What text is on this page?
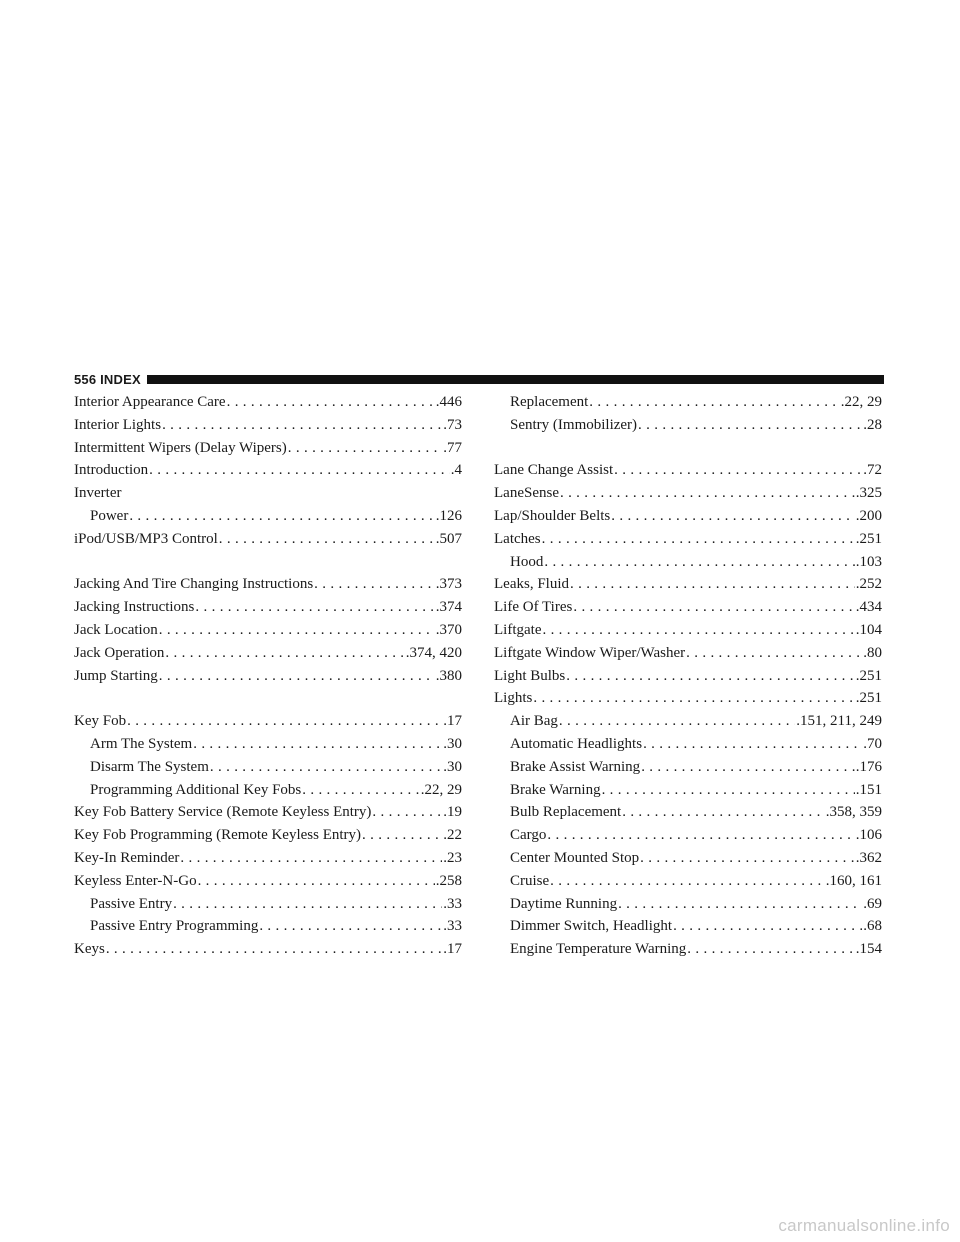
556 INDEX
Interior Appearance Care . . .	.446
Interior Lights . . .	.73
Intermittent Wipers (Delay Wipers) . . .	.77
Introduction . . .	.4
Inverter
Power . . .	.126
iPod/USB/MP3 Control . . .	.507
Jacking And Tire Changing Instructions . . .	.373
Jacking Instructions . . .	.374
Jack Location . . .	.370
Jack Operation . . .	.374, 420
Jump Starting . . .	.380
Key Fob . . .	.17
Arm The System . . .	.30
Disarm The System . . .	.30
Programming Additional Key Fobs . . .	.22, 29
Key Fob Battery Service (Remote Keyless Entry) . . .	.19
Key Fob Programming (Remote Keyless Entry) . . .	.22
Key-In Reminder . . .	.23
Keyless Enter-N-Go . . .	.258
Passive Entry . . .	.33
Passive Entry Programming . . .	.33
Keys . . .	.17
Replacement . . .	.22, 29
Sentry (Immobilizer) . . .	.28
Lane Change Assist . . .	.72
LaneSense . . .	.325
Lap/Shoulder Belts . . .	.200
Latches . . .	.251
Hood . . .	.103
Leaks, Fluid . . .	.252
Life Of Tires . . .	.434
Liftgate . . .	.104
Liftgate Window Wiper/Washer . . .	.80
Light Bulbs . . .	.251
Lights . . .	.251
Air Bag . . .	.151, 211, 249
Automatic Headlights . . .	.70
Brake Assist Warning . . .	.176
Brake Warning . . .	.151
Bulb Replacement . . .	.358, 359
Cargo . . .	.106
Center Mounted Stop . . .	.362
Cruise . . .	.160, 161
Daytime Running . . .	.69
Dimmer Switch, Headlight . . .	.68
Engine Temperature Warning . . .	.154
carmanualsonline.info
